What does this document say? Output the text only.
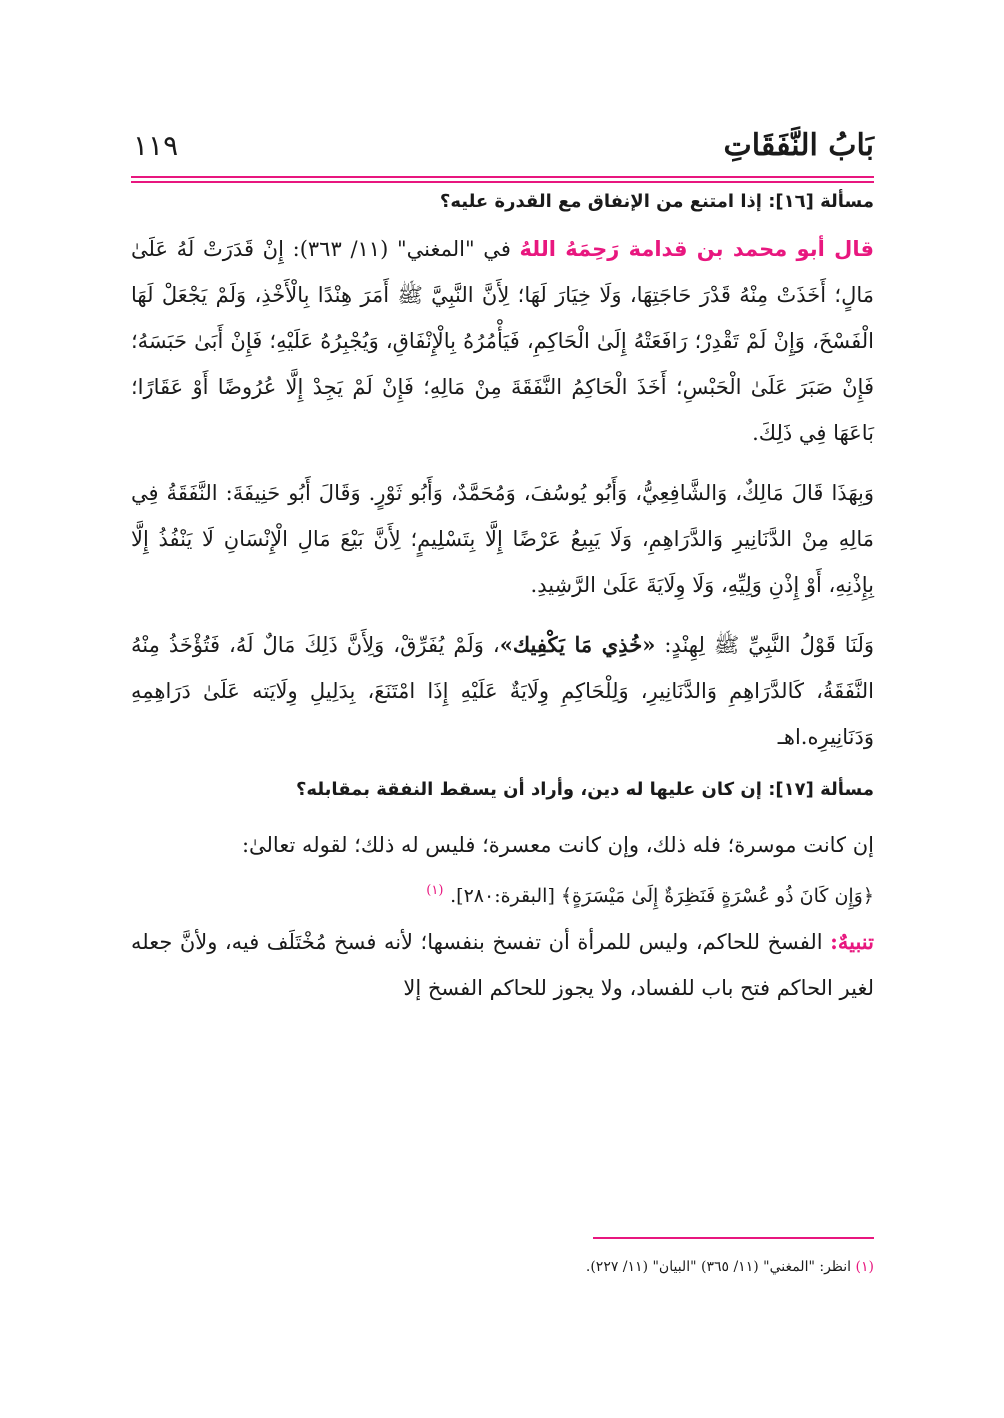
بَابُ النَّفَقَاتِ
١١٩
مسألة [١٦]: إذا امتنع من الإنفاق مع القدرة عليه؟

قال أبو محمد بن قدامة رَحِمَهُ اللهُ في "المغني" (١١/ ٣٦٣): إِنْ قَدَرَتْ لَهُ عَلَىٰ مَالٍ؛ أَخَذَتْ مِنْهُ قَدْرَ حَاجَتِهَا، وَلَا خِيَارَ لَهَا؛ لِأَنَّ النَّبِيَّ ﷺ أَمَرَ هِنْدًا بِالْأَخْذِ، وَلَمْ يَجْعَلْ لَهَا الْفَسْخَ، وَإِنْ لَمْ تَقْدِرْ؛ رَافَعَتْهُ إِلَىٰ الْحَاكِمِ، فَيَأْمُرُهُ بِالْإِنْفَاقِ، وَيُجْبِرُهُ عَلَيْهِ؛ فَإِنْ أَبَىٰ حَبَسَهُ؛ فَإِنْ صَبَرَ عَلَىٰ الْحَبْسِ؛ أَخَذَ الْحَاكِمُ النَّفَقَةَ مِنْ مَالِهِ؛ فَإِنْ لَمْ يَجِدْ إِلَّا عُرُوضًا أَوْ عَقَارًا؛ بَاعَهَا فِي ذَلِكَ.

وَبِهَذَا قَالَ مَالِكٌ، وَالشَّافِعِيُّ، وَأَبُو يُوسُفَ، وَمُحَمَّدٌ، وَأَبُو ثَوْرٍ. وَقَالَ أَبُو حَنِيفَةَ: النَّفَقَةُ فِي مَالِهِ مِنْ الدَّنَانِيرِ وَالدَّرَاهِمِ، وَلَا يَبِيعُ عَرْضًا إِلَّا بِتَسْلِيمٍ؛ لِأَنَّ بَيْعَ مَالِ الْإِنْسَانِ لَا يَنْفُذُ إِلَّا بِإِذْنِهِ، أَوْ إِذْنِ وَلِيِّهِ، وَلَا وِلَايَةَ عَلَىٰ الرَّشِيدِ.

وَلَنَا قَوْلُ النَّبِيِّ ﷺ لِهِنْدٍ: «خُذِي مَا يَكْفِيك»، وَلَمْ يُفَرِّقْ، وَلِأَنَّ ذَلِكَ مَالٌ لَهُ، فَتُؤْخَذُ مِنْهُ النَّفَقَةُ، كَالدَّرَاهِمِ وَالدَّنَانِيرِ، وَلِلْحَاكِمِ وِلَايَةٌ عَلَيْهِ إِذَا امْتَنَعَ، بِدَلِيلِ وِلَايَته عَلَىٰ دَرَاهِمِهِ وَدَنَانِيرِه.اهـ

مسألة [١٧]: إن كان عليها له دين، وأراد أن يسقط النفقة بمقابله؟

إن كانت موسرة؛ فله ذلك، وإن كانت معسرة؛ فليس له ذلك؛ لقوله تعالىٰ:

﴿وَإِن كَانَ ذُو عُسْرَةٍ فَنَظِرَةٌ إِلَىٰ مَيْسَرَةٍ﴾ [البقرة:٢٨٠]. $^{(١)}$

تنبيهٌ: الفسخ للحاكم، وليس للمرأة أن تفسخ بنفسها؛ لأنه فسخ مُخْتَلَف فيه، ولأنَّ جعله لغير الحاكم فتح باب للفساد، ولا يجوز للحاكم الفسخ إلا

(١) انظر: "المغني" (١١/ ٣٦٥) "البيان" (١١/ ٢٢٧).
